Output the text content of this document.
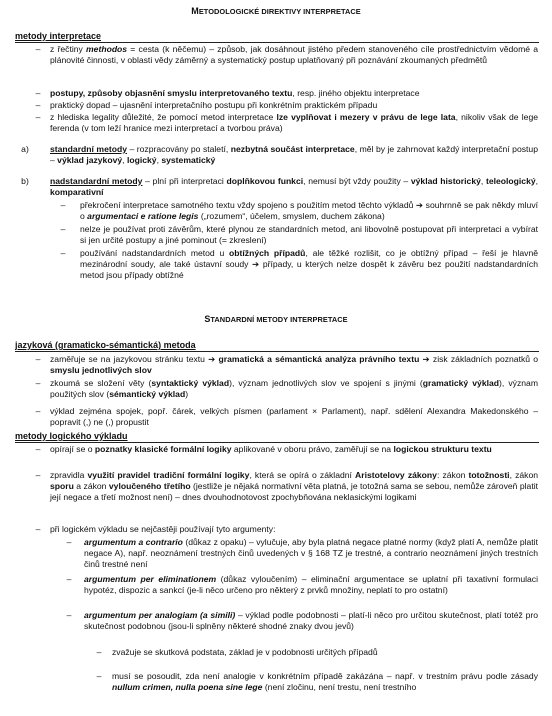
METODOLOGICKÉ DIREKTIVY INTERPRETACE
metody interpretace
–	z řečtiny methodos = cesta (k něčemu) – způsob, jak dosáhnout jistého předem stanoveného cíle prostřednictvím vědomé a plánovité činnosti, v oblasti vědy záměrný a systematický postup uplatňovaný při poznávání zkoumaných předmětů
–	postupy, způsoby objasnění smyslu interpretovaného textu, resp. jiného objektu interpretace
–	praktický dopad – ujasnění interpretačního postupu při konkrétním praktickém případu
–	z hlediska legality důležité, že pomocí metod interpretace lze vyplňovat i mezery v právu de lege lata, nikoliv však de lege ferenda (v tom leží hranice mezi interpretací a tvorbou práva)
a)	standardní metody – rozpracovány po staletí, nezbytná součást interpretace, měl by je zahrnovat každý interpretační postup – výklad jazykový, logický, systematický
b)	nadstandardní metody – plní při interpretaci doplňkovou funkci, nemusí být vždy použity – výklad historický, teleologický, komparativní
–	překročení interpretace samotného textu vždy spojeno s použitím metod těchto výkladů ➔ souhrnně se pak někdy mluví o argumentaci e ratione legis („rozumem“, účelem, smyslem, duchem zákona)
–	nelze je používat proti závěrům, které plynou ze standardních metod, ani libovolně postupovat při interpretaci a vybírat si jen určité postupy a jiné pominout (= zkreslení)
–	používání nadstandardních metod u obtížných případů, ale těžké rozlišit, co je obtížný případ – řeší je hlavně mezinárodní soudy, ale také ústavní soudy ➔ případy, u kterých nelze dospět k závěru bez použití nadstandardních metod jsou případy obtížné
STANDARDNÍ METODY INTERPRETACE
jazyková (gramaticko-sémantická) metoda
–	zaměřuje se na jazykovou stránku textu ➔ gramatická a sémantická analýza právního textu ➔ zisk základních poznatků o smyslu jednotlivých slov
–	zkoumá se složení věty (syntaktický výklad), význam jednotlivých slov ve spojení s jinými (gramatický výklad), význam použitých slov (sémantický výklad)
–	výklad zejména spojek, popř. čárek, velkých písmen (parlament × Parlament), např. sdělení Alexandra Makedonského – popravit (,) ne (,) propustit
metody logického výkladu
–	opírají se o poznatky klasické formální logiky aplikované v oboru právo, zaměřují se na logickou strukturu textu
–	zpravidla využití pravidel tradiční formální logiky, která se opírá o základní Aristotelovy zákony: zákon totožnosti, zákon sporu a zákon vyloučeného třetího (jestliže je nějaká normativní věta platná, je totožná sama se sebou, nemůže zároveň platit její negace a třetí možnost není) – dnes dvouhodnotovost zpochybňována neklasickými logikami
–	při logickém výkladu se nejčastěji používají tyto argumenty:
–	argumentum a contrario (důkaz z opaku) – vylučuje, aby byla platná negace platné normy (když platí A, nemůže platit negace A), např. neoznámení trestných činů uvedených v § 168 TZ je trestné, a contrario neoznámení jiných trestních činů trestné není
–	argumentum per eliminationem (důkaz vyloučením) – eliminační argumentace se uplatní při taxativní formulaci hypotéz, dispozic a sankcí (je-li něco určeno pro některý z prvků množiny, neplatí to pro ostatní)
–	argumentum per analogiam (a simili) – výklad podle podobnosti – platí-li něco pro určitou skutečnost, platí totéž pro skutečnost podobnou (jsou-li splněny některé shodné znaky dvou jevů)
–	zvažuje se skutková podstata, základ je v podobnosti určitých případů
–	musí se posoudit, zda není analogie v konkrétním případě zakázána – např. v trestním právu podle zásady nullum crimen, nulla poena sine lege (není zločinu, není trestu, není trestního
